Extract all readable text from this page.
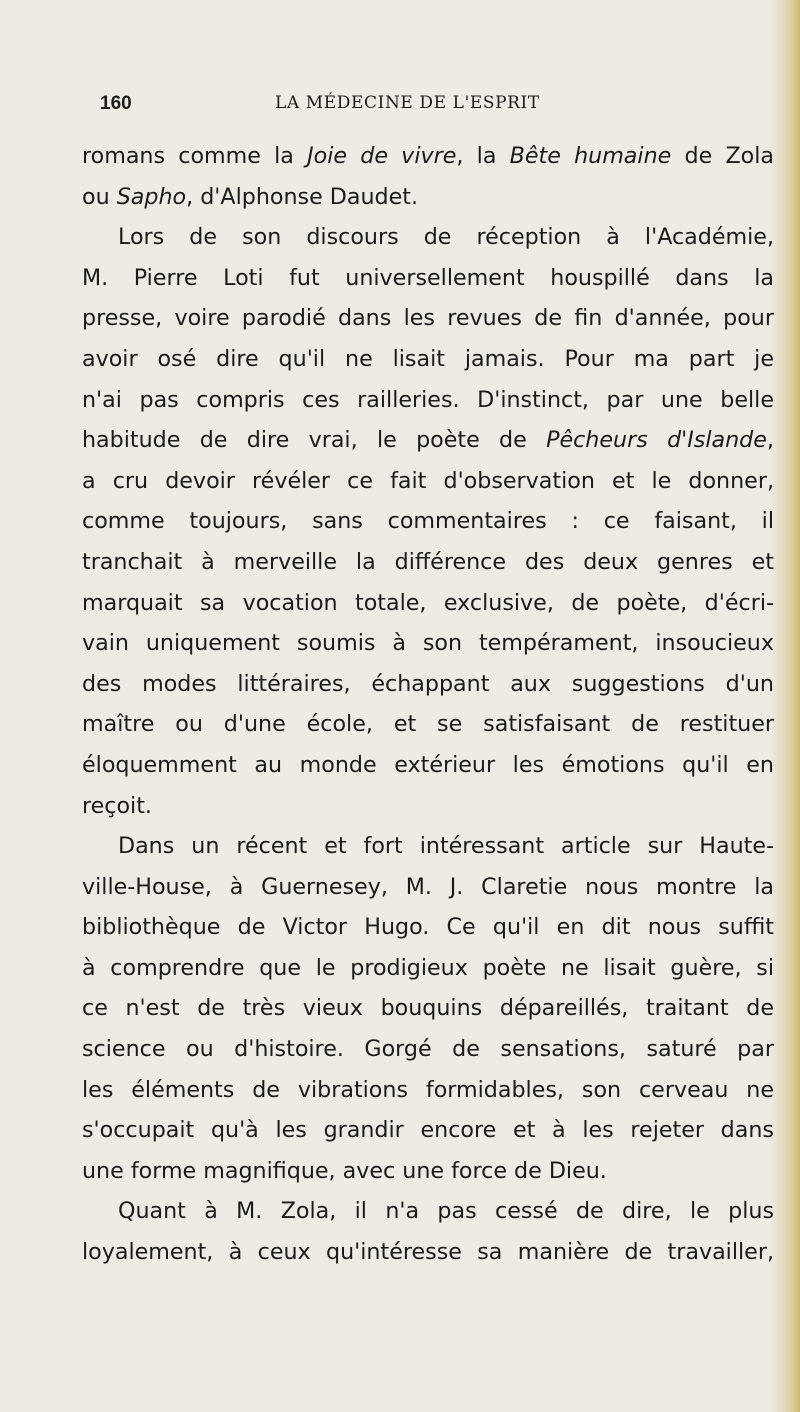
160	LA MÉDECINE DE L'ESPRIT
romans comme la Joie de vivre, la Bête humaine de Zola
ou Sapho, d'Alphonse Daudet.
Lors de son discours de réception à l'Académie,
M. Pierre Loti fut universellement houspillé dans la
presse, voire parodié dans les revues de fin d'année, pour
avoir osé dire qu'il ne lisait jamais. Pour ma part je
n'ai pas compris ces railleries. D'instinct, par une belle
habitude de dire vrai, le poète de Pêcheurs d'Islande,
a cru devoir révéler ce fait d'observation et le donner,
comme toujours, sans commentaires : ce faisant, il
tranchait à merveille la différence des deux genres et
marquait sa vocation totale, exclusive, de poète, d'écri-
vain uniquement soumis à son tempérament, insoucieux
des modes littéraires, échappant aux suggestions d'un
maître ou d'une école, et se satisfaisant de restituer
éloquemment au monde extérieur les émotions qu'il en
reçoit.
Dans un récent et fort intéressant article sur Haute-
ville-House, à Guernesey, M. J. Claretie nous montre la
bibliothèque de Victor Hugo. Ce qu'il en dit nous suffit
à comprendre que le prodigieux poète ne lisait guère, si
ce n'est de très vieux bouquins dépareillés, traitant de
science ou d'histoire. Gorgé de sensations, saturé par
les éléments de vibrations formidables, son cerveau ne
s'occupait qu'à les grandir encore et à les rejeter dans
une forme magnifique, avec une force de Dieu.
Quant à M. Zola, il n'a pas cessé de dire, le plus
loyalement, à ceux qu'intéresse sa manière de travailler,
